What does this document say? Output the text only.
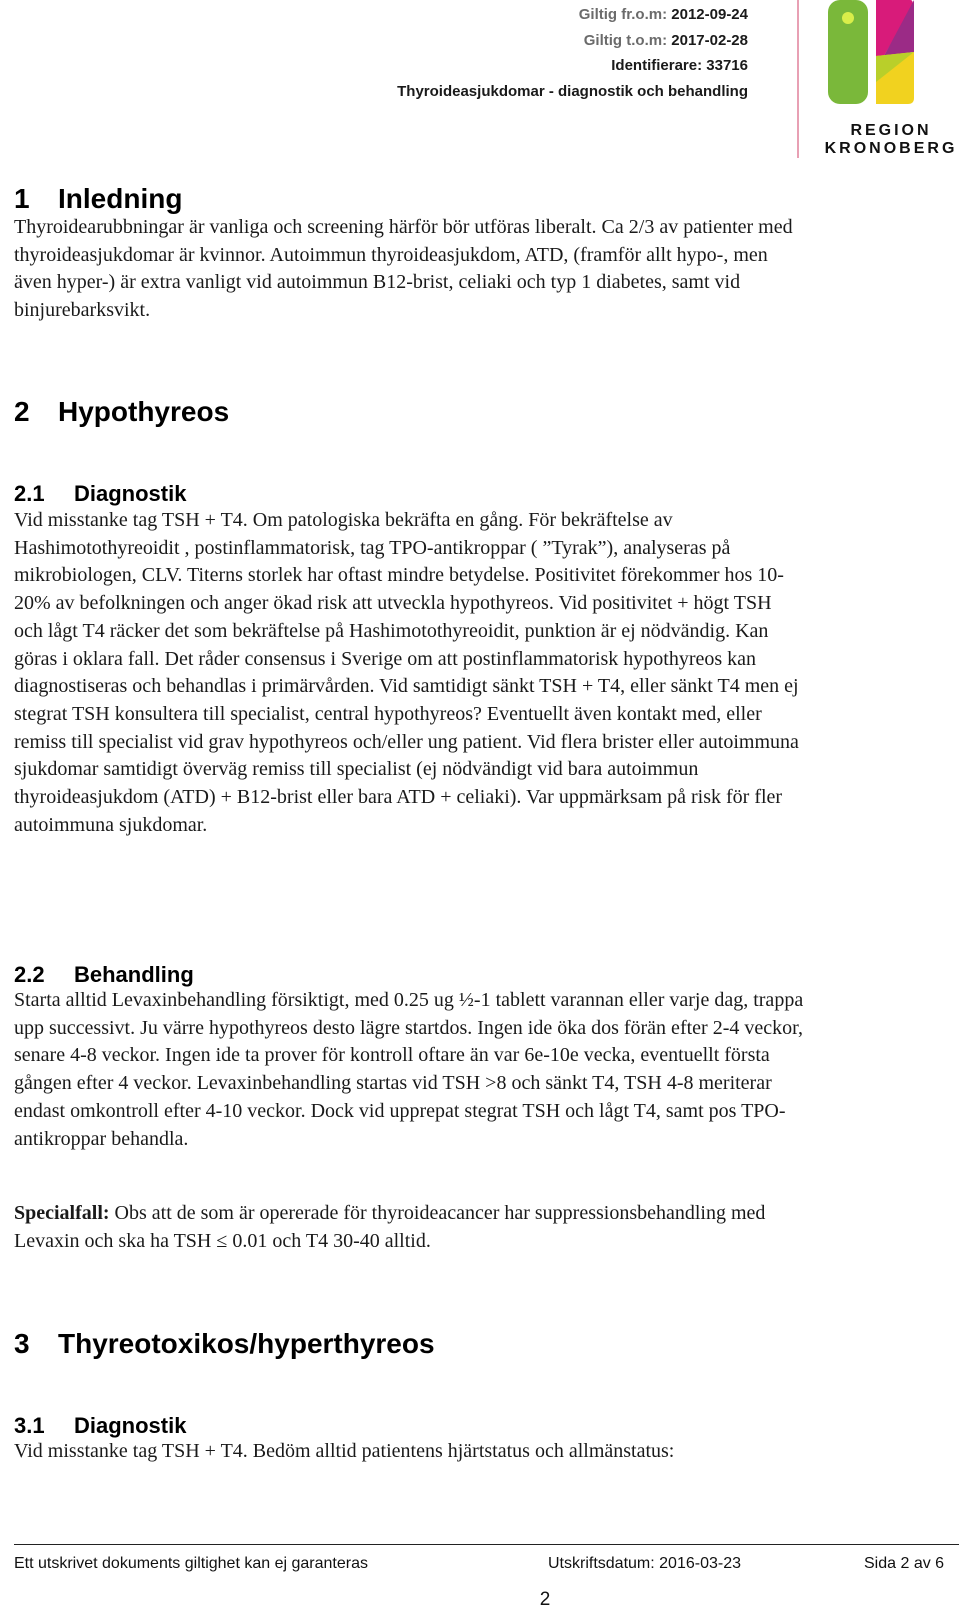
Giltig fr.o.m: 2012-09-24
Giltig t.o.m: 2017-02-28
Identifierare: 33716
Thyroideasjukdomar - diagnostik och behandling
REGION
KRONOBERG
1 Inledning

Thyroidearubbningar är vanliga och screening härför bör utföras liberalt. Ca 2/3 av patienter med thyroideasjukdomar är kvinnor. Autoimmun thyroideasjukdom, ATD, (framför allt hypo-, men även hyper-) är extra vanligt vid autoimmun B12-brist, celiaki och typ 1 diabetes, samt vid binjurebarksvikt.

2 Hypothyreos
2.1 Diagnostik

Vid misstanke tag TSH + T4. Om patologiska bekräfta en gång. För bekräftelse av Hashimotothyreoidit , postinflammatorisk, tag TPO-antikroppar ( ”Tyrak”), analyseras på mikrobiologen, CLV. Titerns storlek har oftast mindre betydelse. Positivitet förekommer hos 10-20% av befolkningen och anger ökad risk att utveckla hypothyreos. Vid positivitet + högt TSH och lågt T4 räcker det som bekräftelse på Hashimotothyreoidit, punktion är ej nödvändig. Kan göras i oklara fall. Det råder consensus i Sverige om att postinflammatorisk hypothyreos kan diagnostiseras och behandlas i primärvården. Vid samtidigt sänkt TSH + T4, eller sänkt T4 men ej stegrat TSH konsultera till specialist, central hypothyreos? Eventuellt även kontakt med, eller remiss till specialist vid grav hypothyreos och/eller ung patient. Vid flera brister eller autoimmuna sjukdomar samtidigt överväg remiss till specialist (ej nödvändigt vid bara autoimmun thyroideasjukdom (ATD) + B12-brist eller bara ATD + celiaki). Var uppmärksam på risk för fler autoimmuna sjukdomar.

2.2 Behandling

Starta alltid Levaxinbehandling försiktigt, med 0.25 ug ½-1 tablett varannan eller varje dag, trappa upp successivt. Ju värre hypothyreos desto lägre startdos. Ingen ide öka dos förän efter 2-4 veckor, senare 4-8 veckor. Ingen ide ta prover för kontroll oftare än var 6e-10e vecka, eventuellt första gången efter 4 veckor. Levaxinbehandling startas vid TSH >8 och sänkt T4, TSH 4-8 meriterar endast omkontroll efter 4-10 veckor. Dock vid upprepat stegrat TSH och lågt T4, samt pos TPO-antikroppar behandla.

Specialfall: Obs att de som är opererade för thyroideacancer har suppressionsbehandling med Levaxin och ska ha TSH ≤ 0.01 och T4 30-40 alltid.

3 Thyreotoxikos/hyperthyreos
3.1 Diagnostik

Vid misstanke tag TSH + T4. Bedöm alltid patientens hjärtstatus och allmänstatus:

Ett utskrivet dokuments giltighet kan ej garanteras	Utskriftsdatum: 2016-03-23	Sida 2 av 6
2
